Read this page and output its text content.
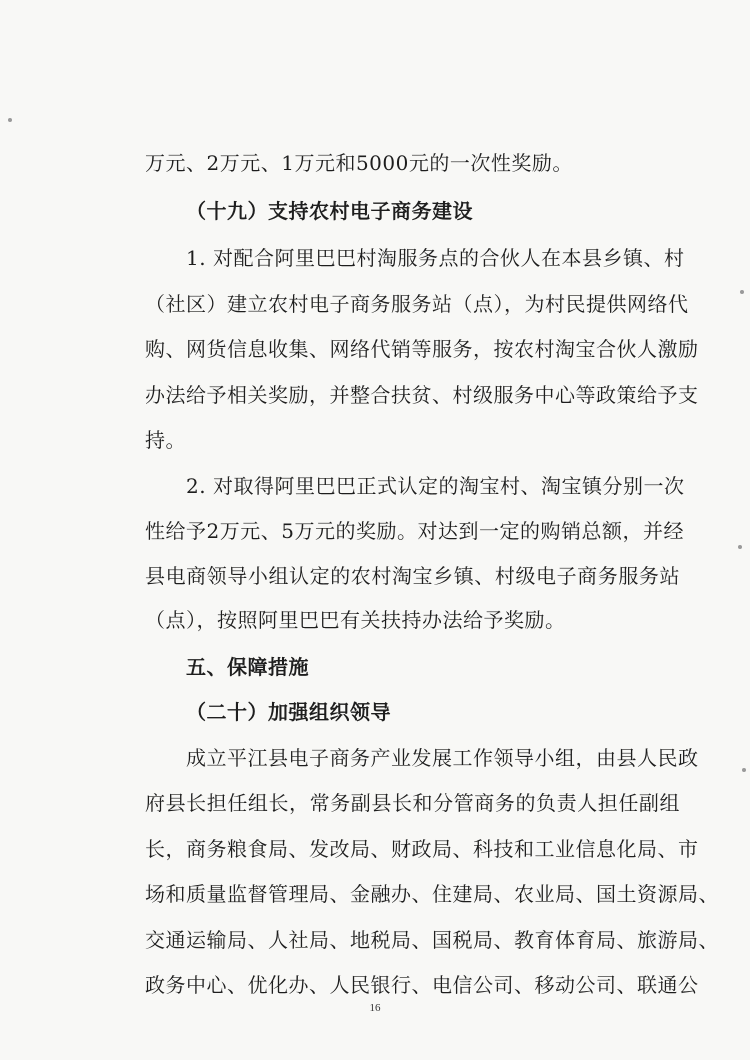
万元、2万元、1万元和5000元的一次性奖励。
（十九）支持农村电子商务建设
1. 对配合阿里巴巴村淘服务点的合伙人在本县乡镇、村
（社区）建立农村电子商务服务站（点），为村民提供网络代
购、网货信息收集、网络代销等服务，按农村淘宝合伙人激励
办法给予相关奖励，并整合扶贫、村级服务中心等政策给予支
持。
2. 对取得阿里巴巴正式认定的淘宝村、淘宝镇分别一次
性给予2万元、5万元的奖励。对达到一定的购销总额，并经
县电商领导小组认定的农村淘宝乡镇、村级电子商务服务站
（点），按照阿里巴巴有关扶持办法给予奖励。
五、保障措施
（二十）加强组织领导
成立平江县电子商务产业发展工作领导小组，由县人民政
府县长担任组长，常务副县长和分管商务的负责人担任副组
长，商务粮食局、发改局、财政局、科技和工业信息化局、市
场和质量监督管理局、金融办、住建局、农业局、国土资源局、
交通运输局、人社局、地税局、国税局、教育体育局、旅游局、
政务中心、优化办、人民银行、电信公司、移动公司、联通公
16
